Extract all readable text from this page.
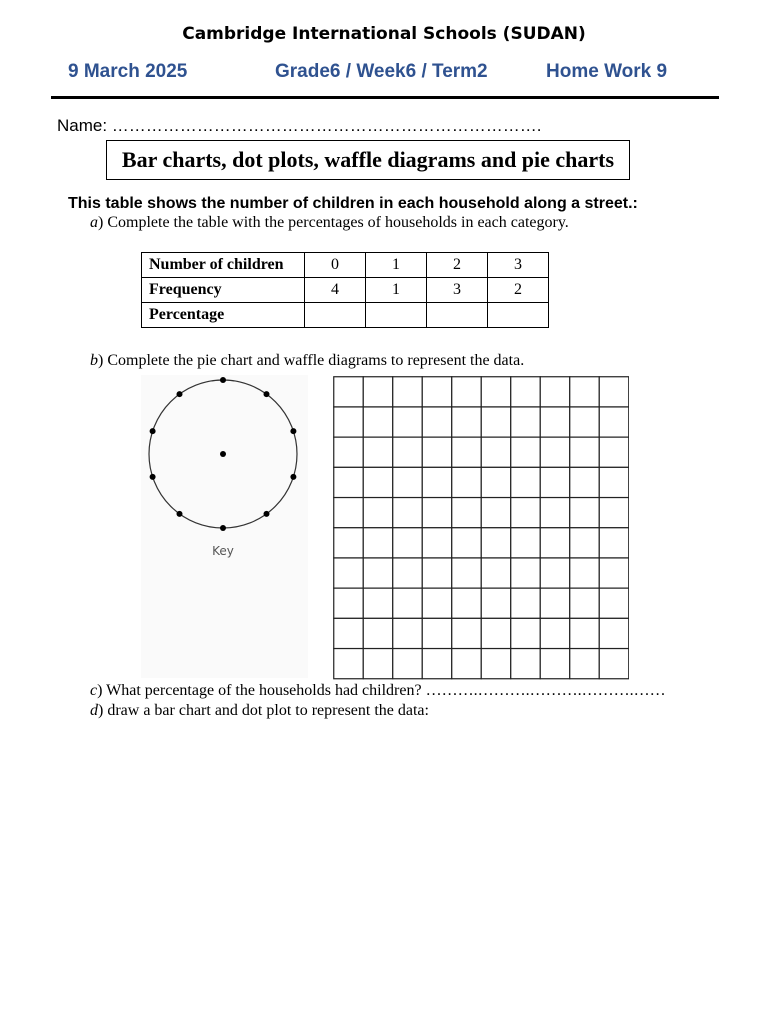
Cambridge International Schools (SUDAN)
9 March 2025	Grade6 / Week6 / Term2	Home Work 9
Name: ………………………………………………………………….
Bar charts, dot plots, waffle diagrams and pie charts
This table shows the number of children in each household along a street.:
a) Complete the table with the percentages of households in each category.
Number of children	0	1	2	3
Frequency	4	1	3	2
Percentage				
b) Complete the pie chart and waffle diagrams to represent the data.
Key
c) What percentage of the households had children? ……….……….……….……….……
d) draw a bar chart and dot plot to represent the data:
